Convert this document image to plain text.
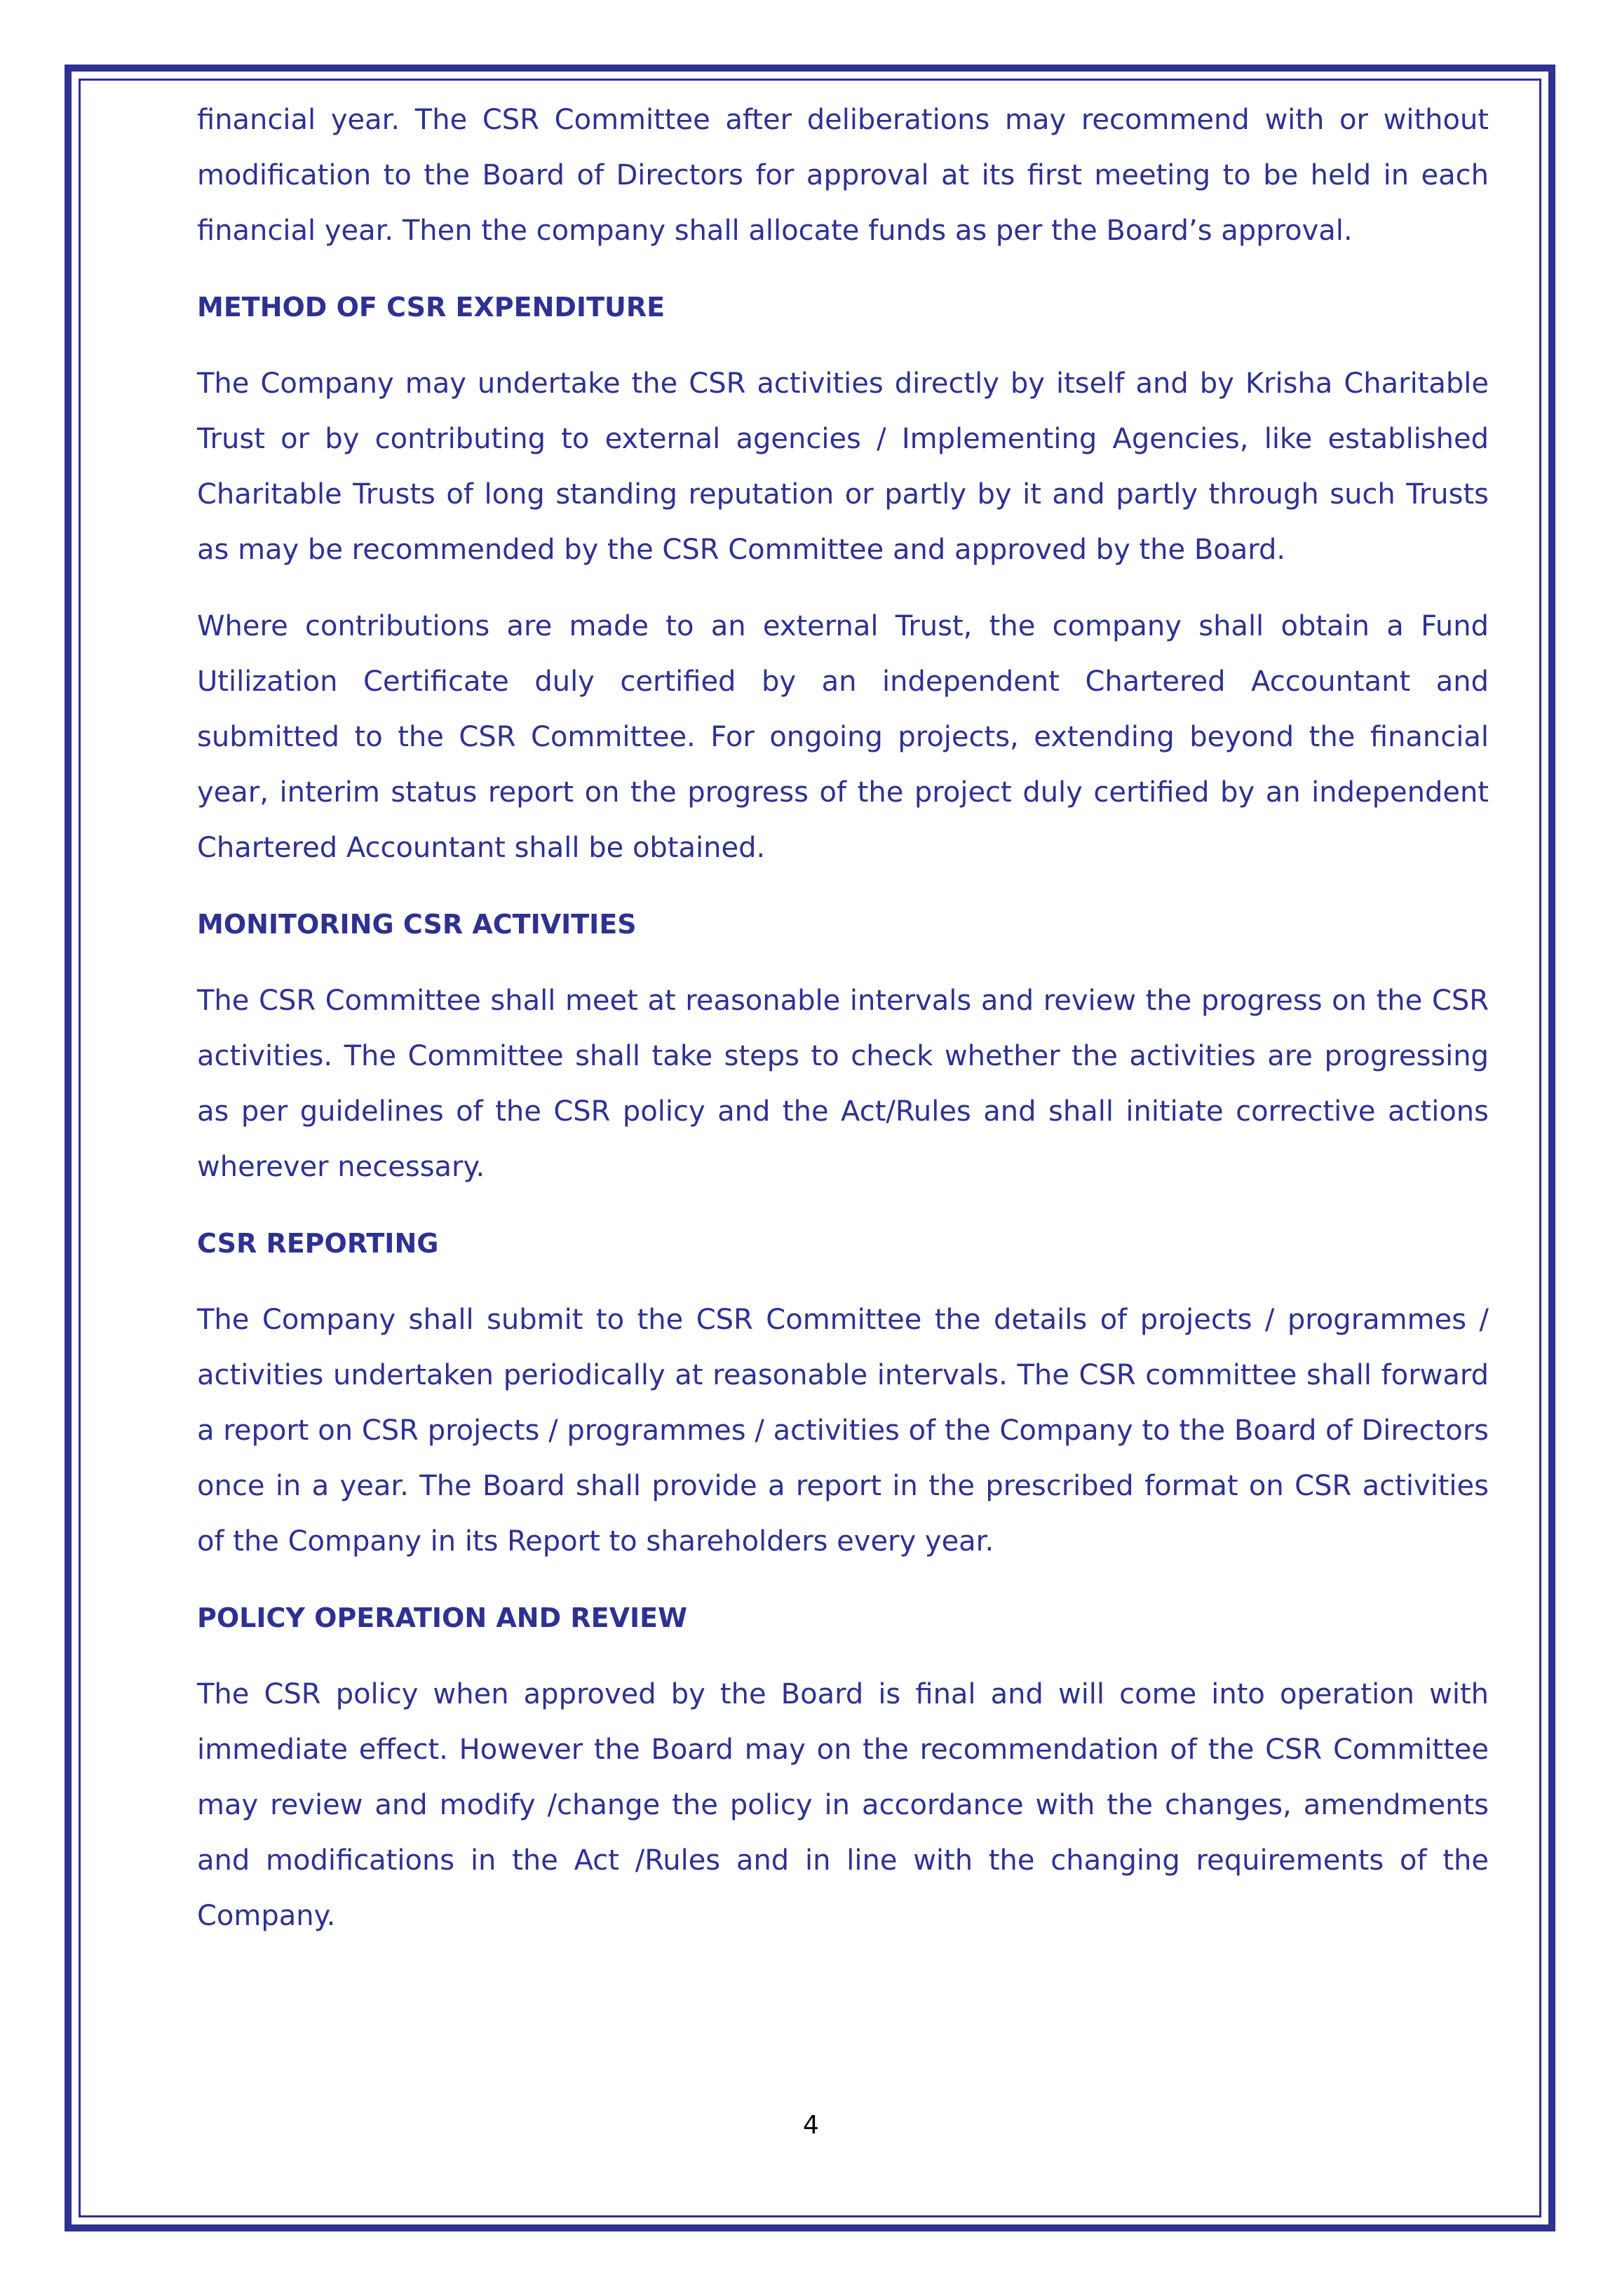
financial year. The CSR Committee after deliberations may recommend with or without modification to the Board of Directors for approval at its first meeting to be held in each financial year. Then the company shall allocate funds as per the Board’s approval.

METHOD OF CSR EXPENDITURE

The Company may undertake the CSR activities directly by itself and by Krisha Charitable Trust or by contributing to external agencies / Implementing Agencies, like established Charitable Trusts of long standing reputation or partly by it and partly through such Trusts as may be recommended by the CSR Committee and approved by the Board.

Where contributions are made to an external Trust, the company shall obtain a Fund Utilization Certificate duly certified by an independent Chartered Accountant and submitted to the CSR Committee. For ongoing projects, extending beyond the financial year, interim status report on the progress of the project duly certified by an independent Chartered Accountant shall be obtained.

MONITORING CSR ACTIVITIES

The CSR Committee shall meet at reasonable intervals and review the progress on the CSR activities. The Committee shall take steps to check whether the activities are progressing as per guidelines of the CSR policy and the Act/Rules and shall initiate corrective actions wherever necessary.

CSR REPORTING

The Company shall submit to the CSR Committee the details of projects / programmes / activities undertaken periodically at reasonable intervals. The CSR committee shall forward a report on CSR projects / programmes / activities of the Company to the Board of Directors once in a year. The Board shall provide a report in the prescribed format on CSR activities of the Company in its Report to shareholders every year.

POLICY OPERATION AND REVIEW

The CSR policy when approved by the Board is final and will come into operation with immediate effect. However the Board may on the recommendation of the CSR Committee may review and modify /change the policy in accordance with the changes, amendments and modifications in the Act /Rules and in line with the changing requirements of the Company.

4
